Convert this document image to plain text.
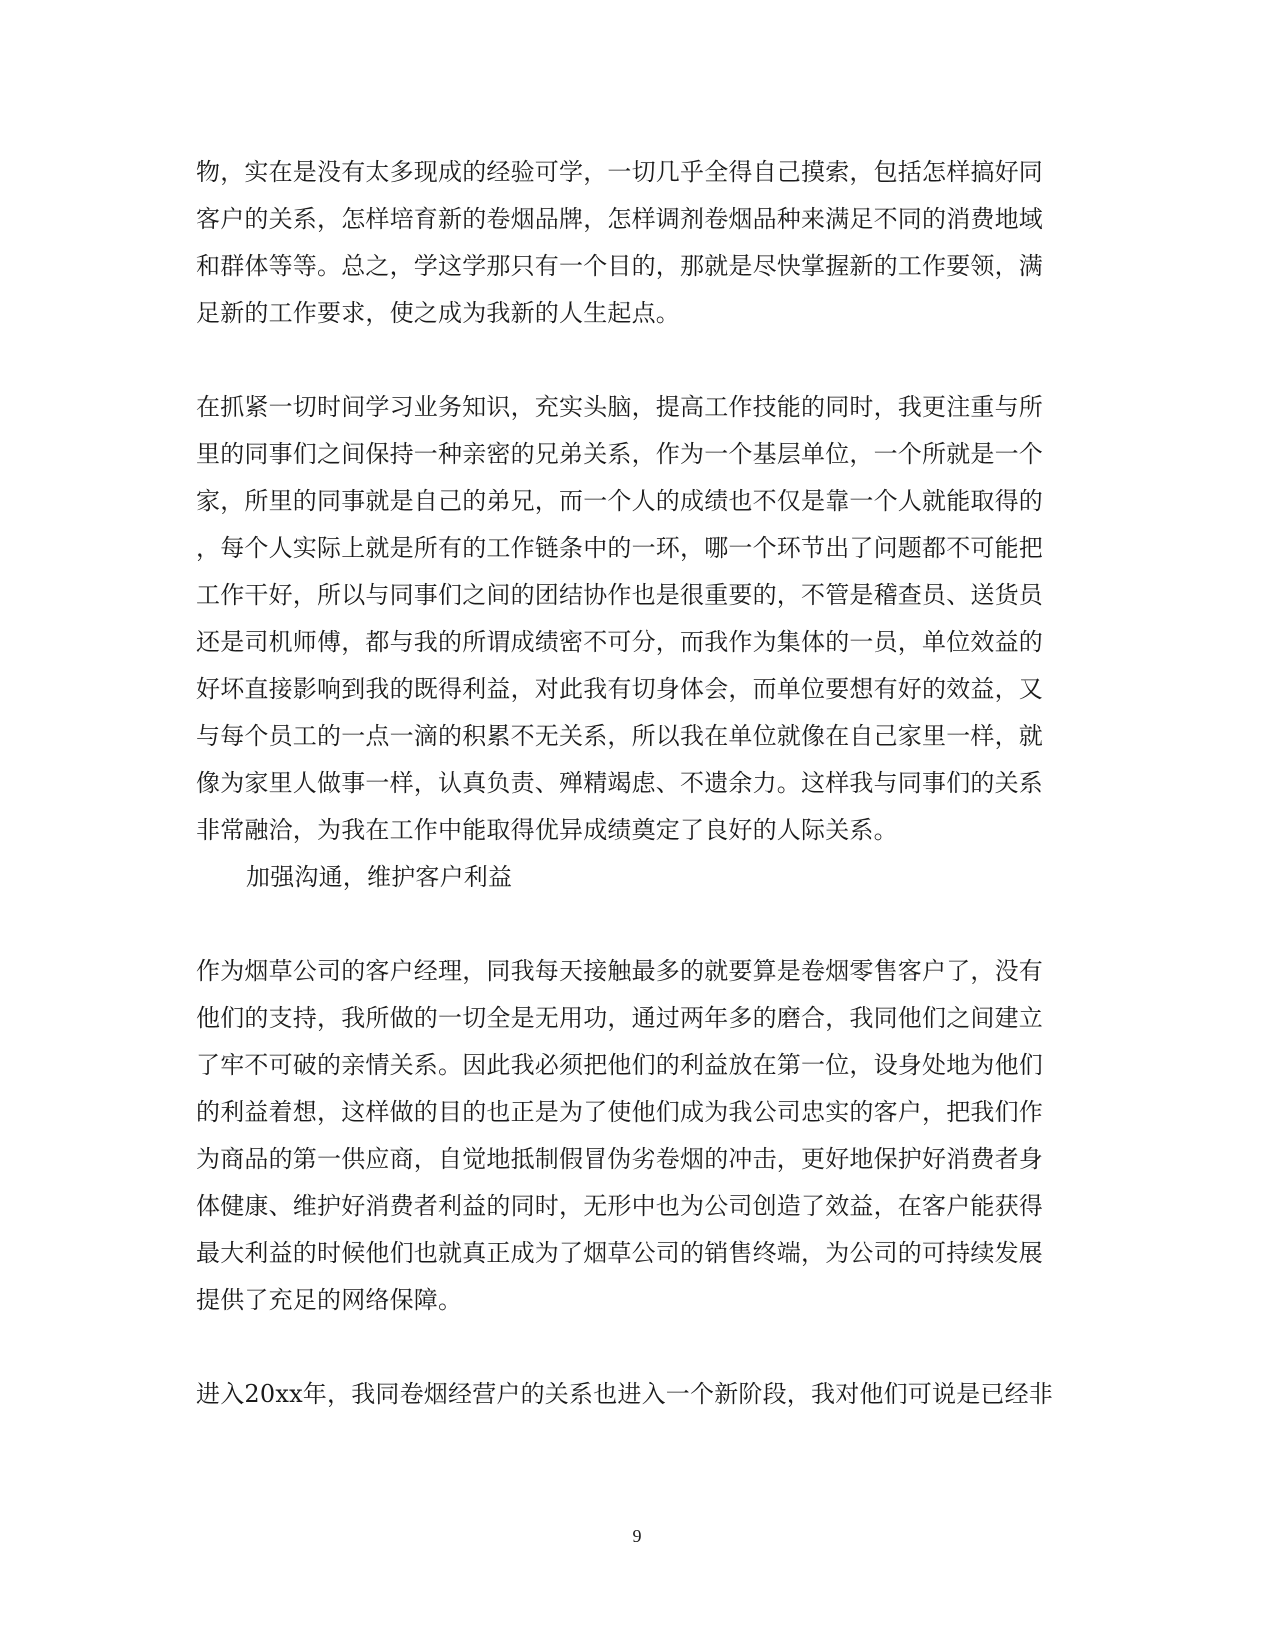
物，实在是没有太多现成的经验可学，一切几乎全得自己摸索，包括怎样搞好同
客户的关系，怎样培育新的卷烟品牌，怎样调剂卷烟品种来满足不同的消费地域
和群体等等。总之，学这学那只有一个目的，那就是尽快掌握新的工作要领，满
足新的工作要求，使之成为我新的人生起点。
在抓紧一切时间学习业务知识，充实头脑，提高工作技能的同时，我更注重与所
里的同事们之间保持一种亲密的兄弟关系，作为一个基层单位，一个所就是一个
家，所里的同事就是自己的弟兄，而一个人的成绩也不仅是靠一个人就能取得的
，每个人实际上就是所有的工作链条中的一环，哪一个环节出了问题都不可能把
工作干好，所以与同事们之间的团结协作也是很重要的，不管是稽查员、送货员
还是司机师傅，都与我的所谓成绩密不可分，而我作为集体的一员，单位效益的
好坏直接影响到我的既得利益，对此我有切身体会，而单位要想有好的效益，又
与每个员工的一点一滴的积累不无关系，所以我在单位就像在自己家里一样，就
像为家里人做事一样，认真负责、殚精竭虑、不遗余力。这样我与同事们的关系
非常融洽，为我在工作中能取得优异成绩奠定了良好的人际关系。
加强沟通，维护客户利益
作为烟草公司的客户经理，同我每天接触最多的就要算是卷烟零售客户了，没有
他们的支持，我所做的一切全是无用功，通过两年多的磨合，我同他们之间建立
了牢不可破的亲情关系。因此我必须把他们的利益放在第一位，设身处地为他们
的利益着想，这样做的目的也正是为了使他们成为我公司忠实的客户，把我们作
为商品的第一供应商，自觉地抵制假冒伪劣卷烟的冲击，更好地保护好消费者身
体健康、维护好消费者利益的同时，无形中也为公司创造了效益，在客户能获得
最大利益的时候他们也就真正成为了烟草公司的销售终端，为公司的可持续发展
提供了充足的网络保障。
进入20xx年，我同卷烟经营户的关系也进入一个新阶段，我对他们可说是已经非
9
